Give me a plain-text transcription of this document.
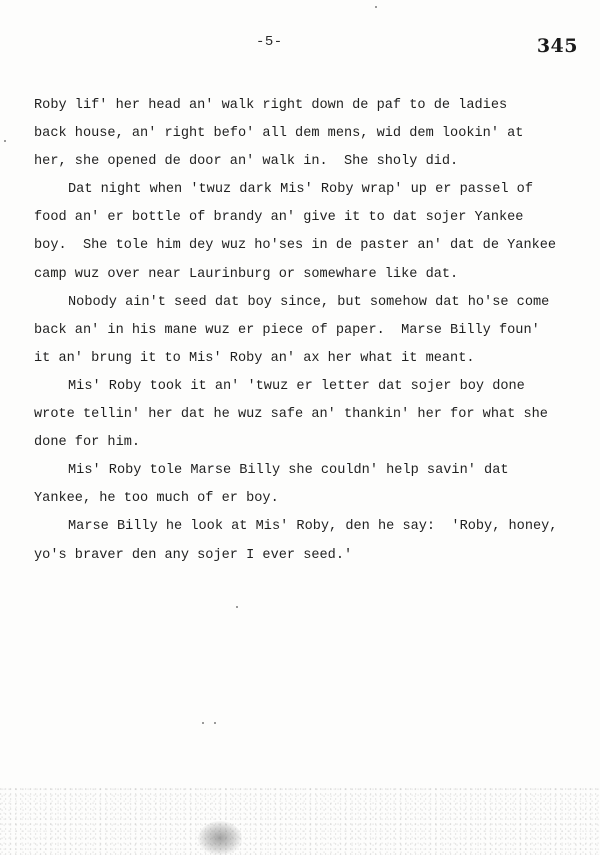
-5-	345

Roby lif' her head an' walk right down de paf to de ladies
back house, an' right befo' all dem mens, wid dem lookin' at
her, she opened de door an' walk in.  She sholy did.

Dat night when 'twuz dark Mis' Roby wrap' up er passel of
food an' er bottle of brandy an' give it to dat sojer Yankee
boy.  She tole him dey wuz ho'ses in de paster an' dat de Yankee
camp wuz over near Laurinburg or somewhare like dat.

Nobody ain't seed dat boy since, but somehow dat ho'se come
back an' in his mane wuz er piece of paper.  Marse Billy foun'
it an' brung it to Mis' Roby an' ax her what it meant.

Mis' Roby took it an' 'twuz er letter dat sojer boy done
wrote tellin' her dat he wuz safe an' thankin' her for what she
done for him.

Mis' Roby tole Marse Billy she couldn' help savin' dat
Yankee, he too much of er boy.

Marse Billy he look at Mis' Roby, den he say:  'Roby, honey,
yo's braver den any sojer I ever seed.'
